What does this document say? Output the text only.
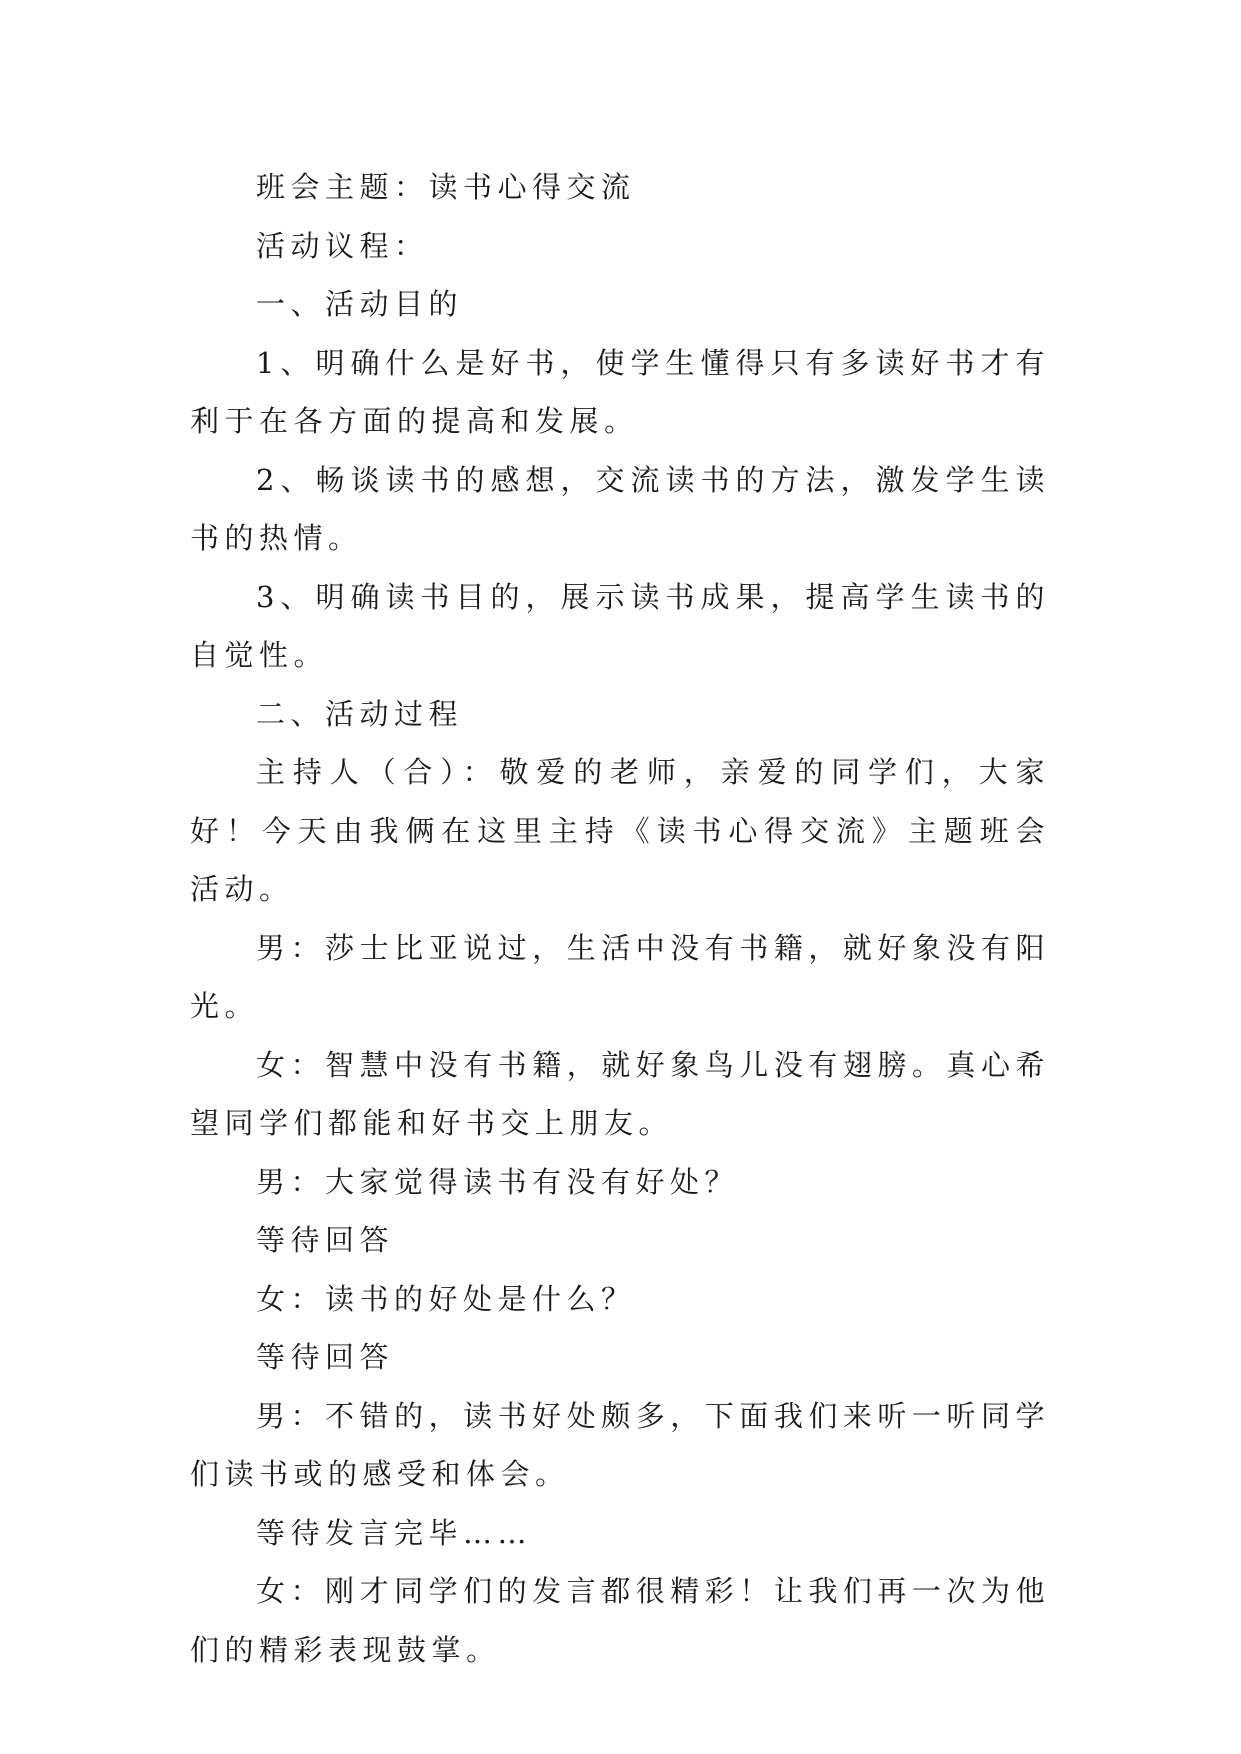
班会主题：读书心得交流

活动议程：

一、活动目的

1、明确什么是好书，使学生懂得只有多读好书才有利于在各方面的提高和发展。

2、畅谈读书的感想，交流读书的方法，激发学生读书的热情。

3、明确读书目的，展示读书成果，提高学生读书的自觉性。

二、活动过程

主持人（合）：敬爱的老师，亲爱的同学们，大家好！今天由我俩在这里主持《读书心得交流》主题班会活动。

男：莎士比亚说过，生活中没有书籍，就好象没有阳光。

女：智慧中没有书籍，就好象鸟儿没有翅膀。真心希望同学们都能和好书交上朋友。

男：大家觉得读书有没有好处？

等待回答

女：读书的好处是什么？

等待回答

男：不错的，读书好处颇多，下面我们来听一听同学们读书或的感受和体会。

等待发言完毕……

女：刚才同学们的发言都很精彩！让我们再一次为他们的精彩表现鼓掌。
